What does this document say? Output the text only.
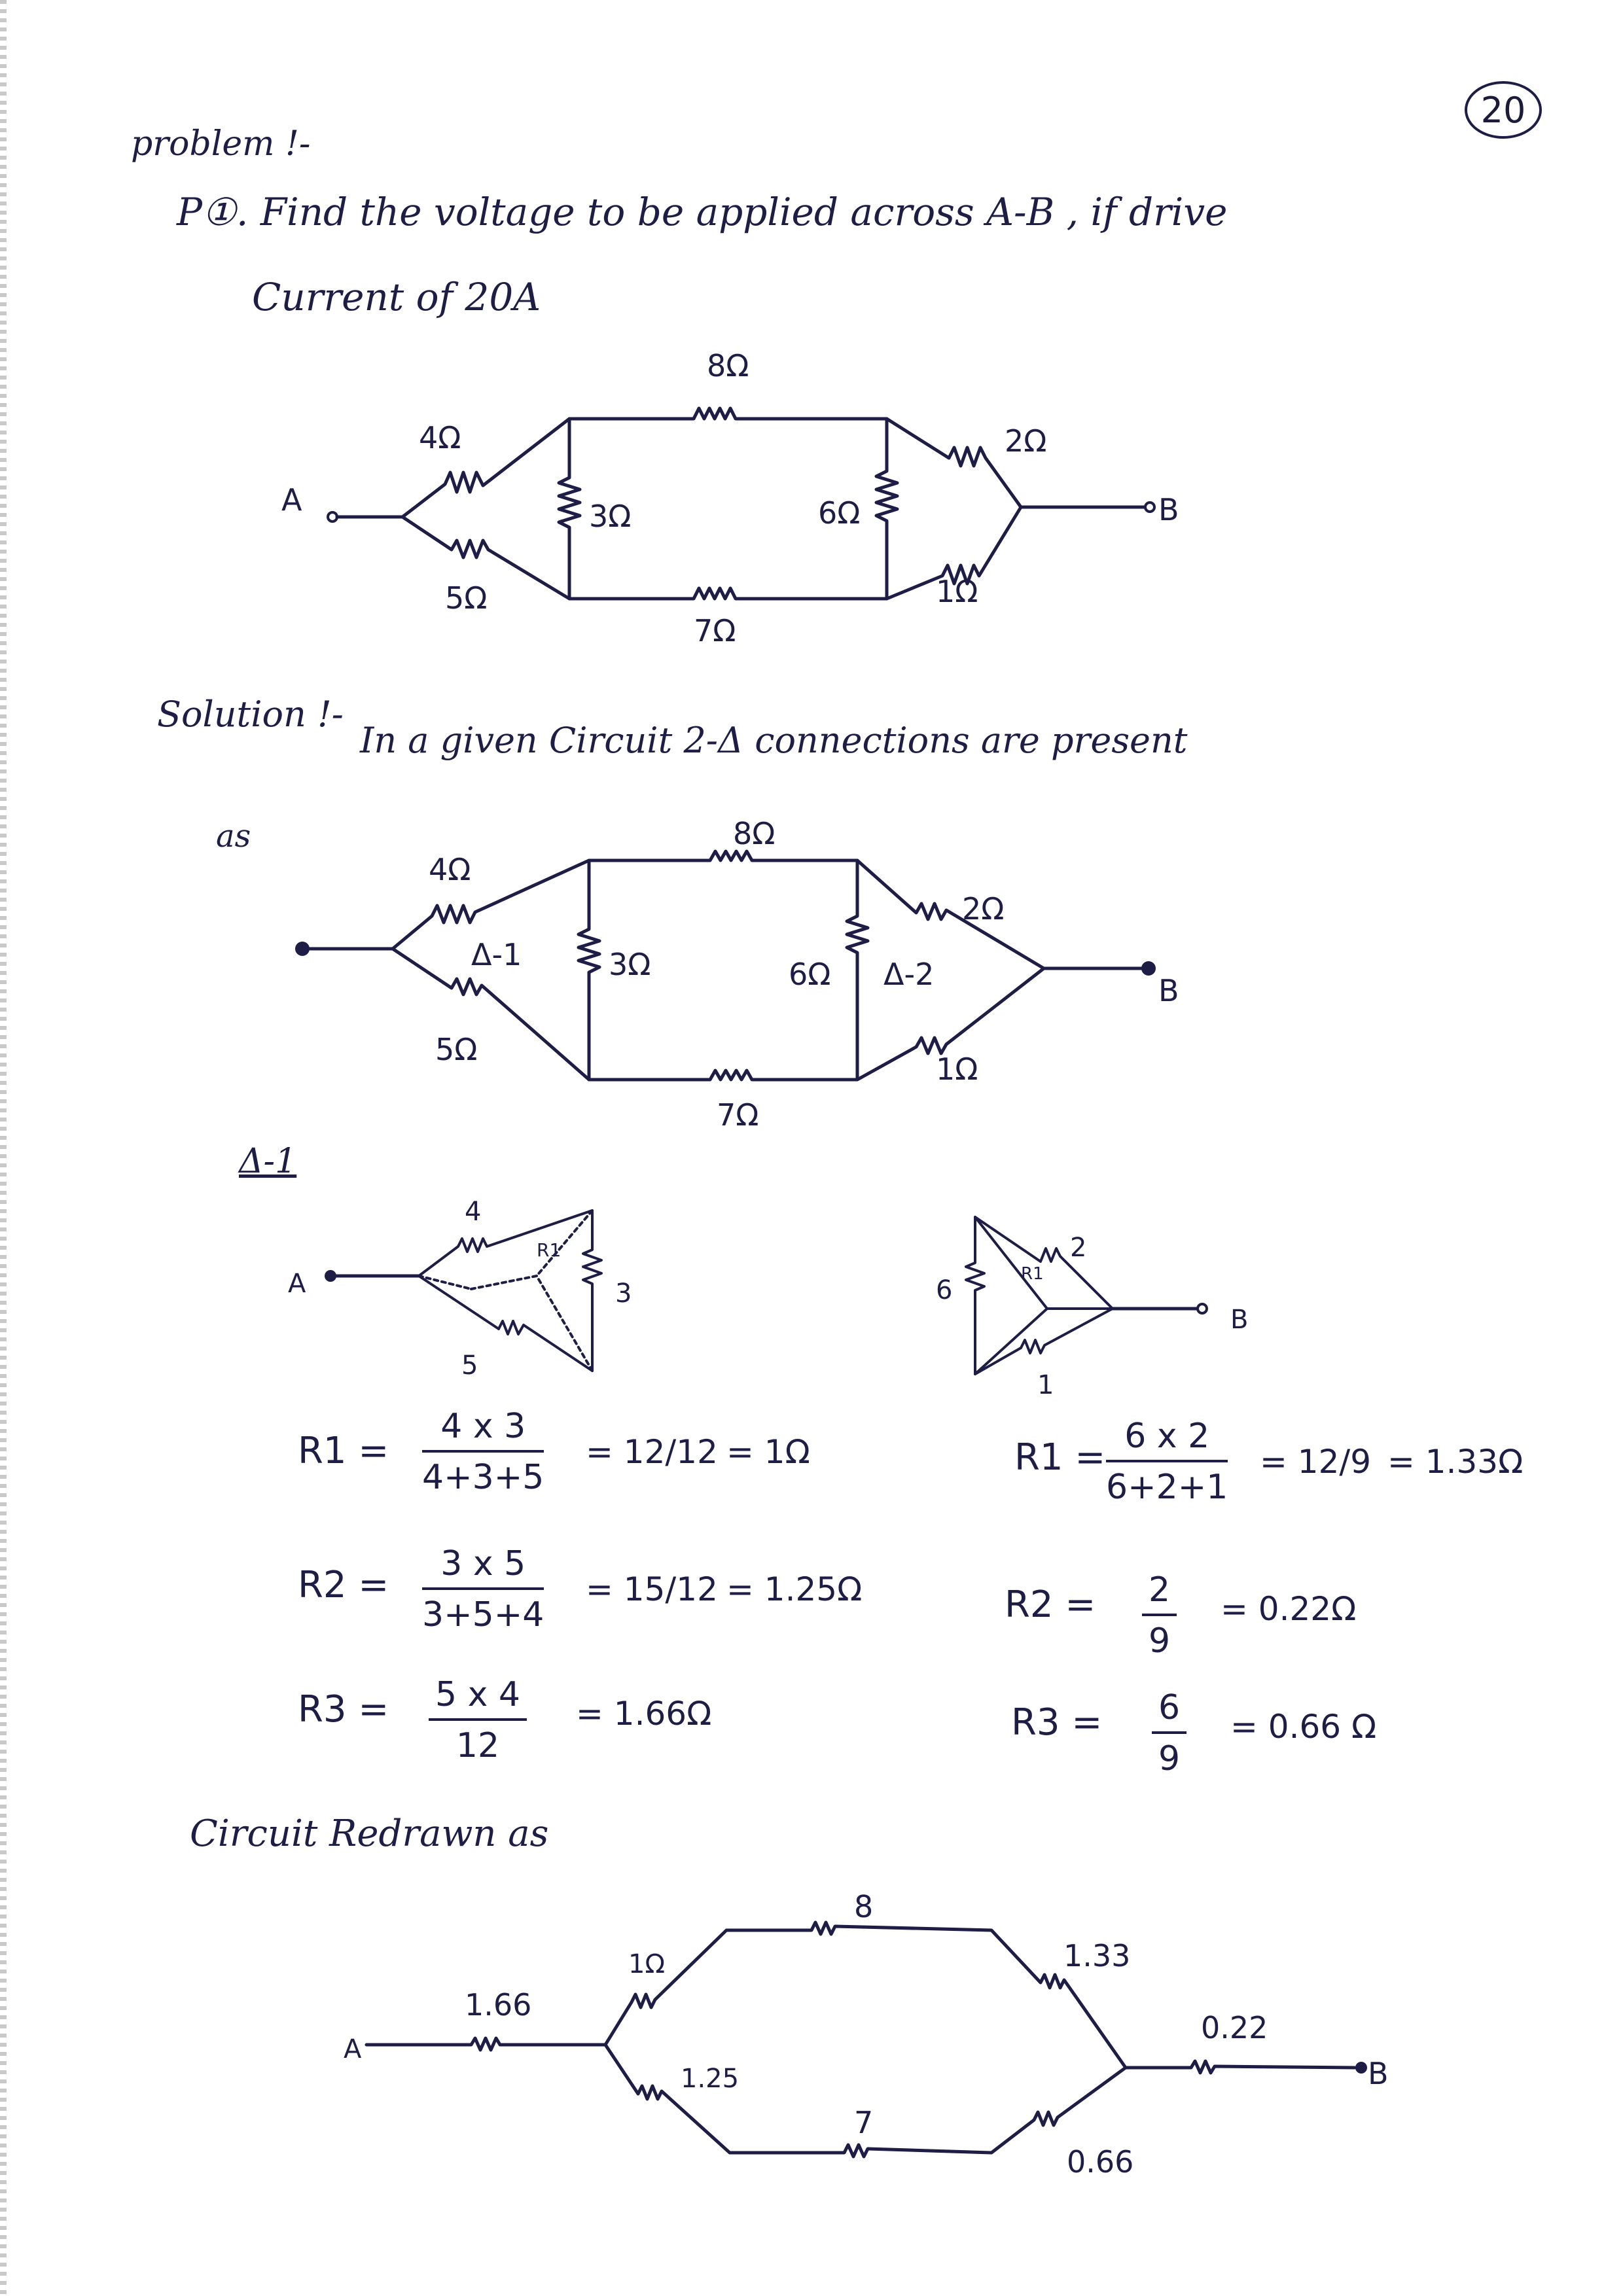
20
problem !-
P①. Find the voltage to be applied across A-B , if drive
Current of 20A
Solution !-
In a given Circuit 2-Δ connections are present
as
Δ-1
Circuit Redrawn as
$R1 = \frac{4 x 3}{4+3+5} = 12/12 = 1\Omega$
$R2 = \frac{3 x 5}{3+5+4} = 15/12 = 1.25\Omega$
$R3 = \frac{5 x 4}{12} = 1.66\Omega$
$R1 = \frac{6 x 2}{6+2+1} = 12/9 = 1.33\Omega$
$R2 = \frac{2}{9} = 0.22\Omega$
$R3 = \frac{6}{9} = 0.66$ Ω
A	B
8Ω
4Ω
5Ω
3Ω	6Ω
2Ω
1Ω
7Ω
B
8Ω
4Ω
5Ω
3Ω	6Ω
2Ω
1Ω
7Ω
Δ-1
Δ-2
A
4
5
3
R1
B
6
2
1
R1
A
B
1.66
1Ω
1.25
8
7
1.33
0.66
0.22
